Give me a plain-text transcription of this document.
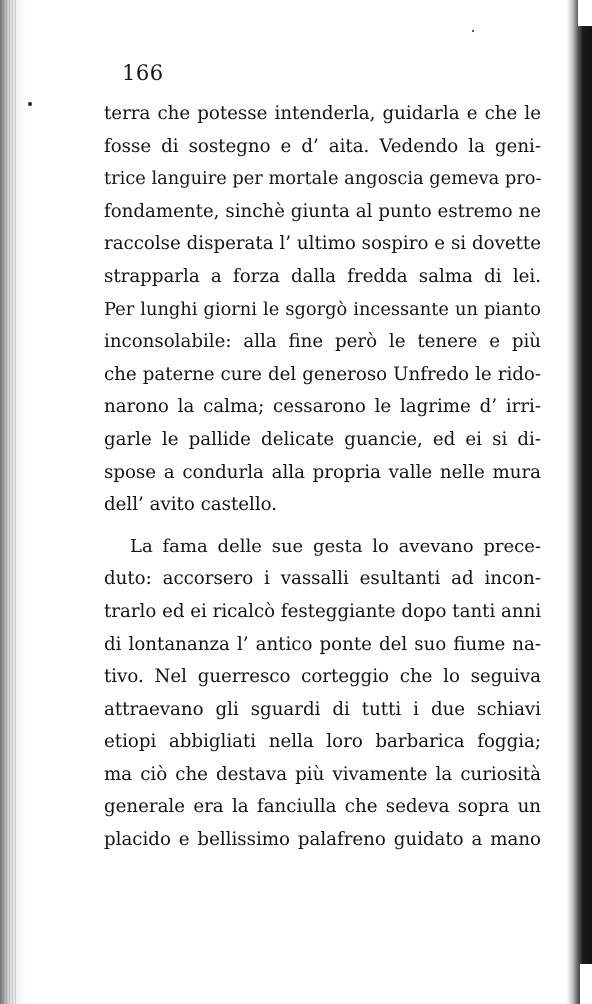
166
terra che potesse intenderla, guidarla e che le
fosse di sostegno e d’ aita. Vedendo la geni-
trice languire per mortale angoscia gemeva pro-
fondamente, sinchè giunta al punto estremo ne
raccolse disperata l’ ultimo sospiro e si dovette
strapparla a forza dalla fredda salma di lei.
Per lunghi giorni le sgorgò incessante un pianto
inconsolabile: alla fine però le tenere e più
che paterne cure del generoso Unfredo le rido-
narono la calma; cessarono le lagrime d’ irri-
garle le pallide delicate guancie, ed ei si di-
spose a condurla alla propria valle nelle mura
dell’ avito castello.
La fama delle sue gesta lo avevano prece-
duto: accorsero i vassalli esultanti ad incon-
trarlo ed ei ricalcò festeggiante dopo tanti anni
di lontananza l’ antico ponte del suo fiume na-
tivo. Nel guerresco corteggio che lo seguiva
attraevano gli sguardi di tutti i due schiavi
etiopi abbigliati nella loro barbarica foggia;
ma ciò che destava più vivamente la curiosità
generale era la fanciulla che sedeva sopra un
placido e bellissimo palafreno guidato a mano
